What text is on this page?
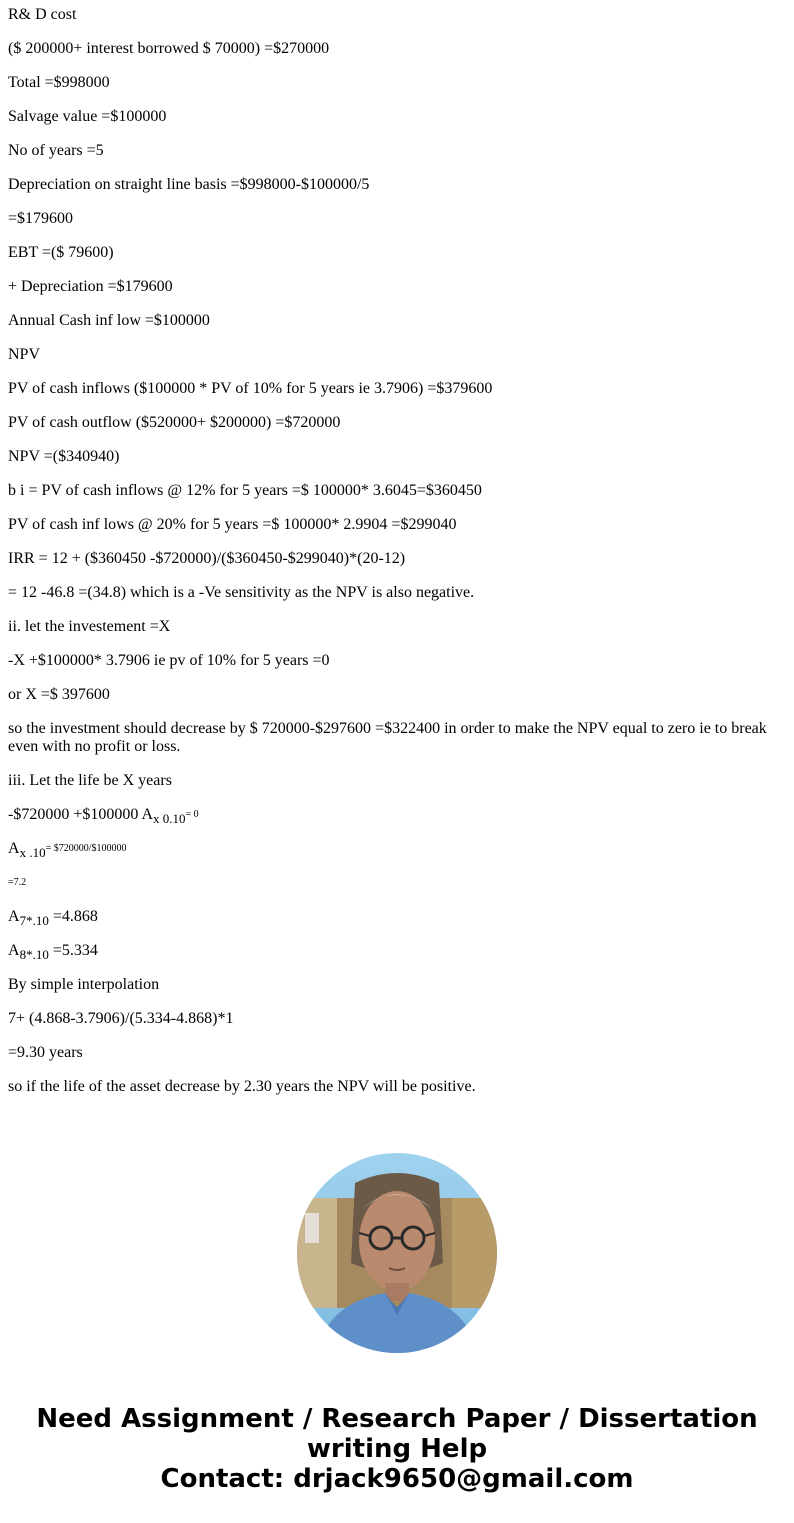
R& D cost

($ 200000+ interest borrowed $ 70000) =$270000

Total =$998000

Salvage value =$100000

No of years =5

Depreciation on straight line basis =$998000-$100000/5

=$179600

EBT =($ 79600)

+ Depreciation =$179600

Annual Cash inf low =$100000

NPV

PV of cash inflows ($100000 * PV of 10% for 5 years ie 3.7906) =$379600

PV of cash outflow ($520000+ $200000) =$720000

NPV =($340940)

b i = PV of cash inflows @ 12% for 5 years =$ 100000* 3.6045=$360450

PV of cash inf lows @ 20% for 5 years =$ 100000* 2.9904 =$299040

IRR = 12 + ($360450 -$720000)/($360450-$299040)*(20-12)

= 12 -46.8 =(34.8) which is a -Ve sensitivity as the NPV is also negative.

ii. let the investement =X

-X +$100000* 3.7906 ie pv of 10% for 5 years =0

or X =$ 397600

so the investment should decrease by $ 720000-$297600 =$322400 in order to make the NPV equal to zero ie to break even with no profit or loss.

iii. Let the life be X years

-$720000 +$100000 $A_{x 0.10}^{= 0}$

$A_{x .10}^{= \$720000/\$100000}$

=7.2

$A_{7*.10} =4.868$

$A_{8*.10} =5.334$

By simple interpolation

7+ (4.868-3.7906)/(5.334-4.868)*1

=9.30 years

so if the life of the asset decrease by 2.30 years the NPV will be positive.

Need Assignment / Research Paper / Dissertation
writing Help
Contact: drjack9650@gmail.com
